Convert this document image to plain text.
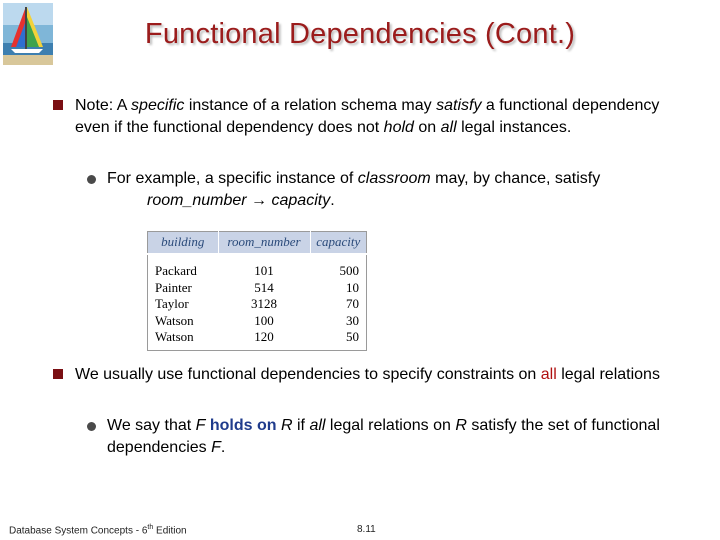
Functional Dependencies (Cont.)
Note: A specific instance of a relation schema may satisfy a functional dependency even if the functional dependency does not hold on all legal instances.
For example, a specific instance of classroom may, by chance, satisfy
room_number → capacity.
building	room_number	capacity
Packard	101	500
Painter	514	10
Taylor	3128	70
Watson	100	30
Watson	120	50
We usually use functional dependencies to specify constraints on all legal relations
We say that F holds on R if all legal relations on R satisfy the set of functional dependencies F.
Database System Concepts - 6th Edition	8.11
